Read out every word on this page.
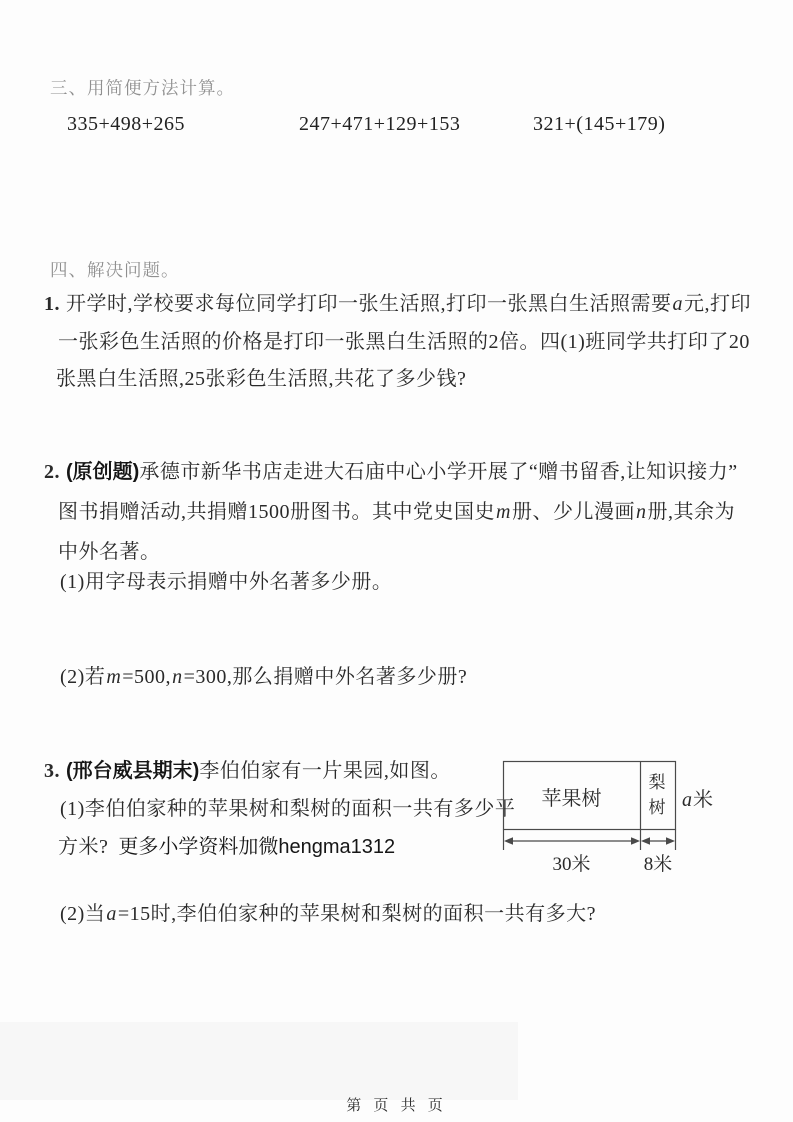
三、用简便方法计算。
335+498+265	247+471+129+153	321+(145+179)
四、解决问题。
1. 开学时,学校要求每位同学打印一张生活照,打印一张黑白生活照需要a元,打印
一张彩色生活照的价格是打印一张黑白生活照的2倍。四(1)班同学共打印了20
张黑白生活照,25张彩色生活照,共花了多少钱?
2. (原创题)承德市新华书店走进大石庙中心小学开展了“赠书留香,让知识接力”
图书捐赠活动,共捐赠1500册图书。其中党史国史m册、少儿漫画n册,其余为
中外名著。
(1)用字母表示捐赠中外名著多少册。
(2)若m=500,n=300,那么捐赠中外名著多少册?
3. (邢台威县期末)李伯伯家有一片果园,如图。
(1)李伯伯家种的苹果树和梨树的面积一共有多少平
方米? 更多小学资料加微hengma1312
(2)当a=15时,李伯伯家种的苹果树和梨树的面积一共有多大?
苹果树
梨树 a米
30米	8米
第 页 共 页
